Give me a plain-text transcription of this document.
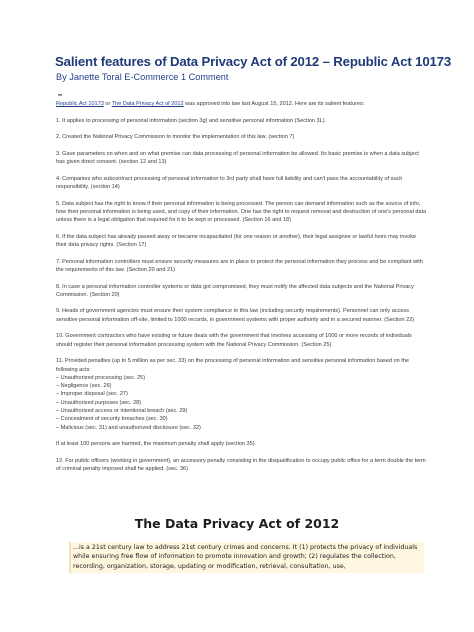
Salient features of Data Privacy Act of 2012 – Republic Act 10173
By Janette Toral E-Commerce 1 Comment
■■

Republic Act 10173 or The Data Privacy Act of 2012 was approved into law last August 15, 2012. Here are its salient features:

1. It applies to processing of personal information (section 3g) and sensitive personal information (Section 3L).

2. Created the National Privacy Commission to monitor the implementation of this law. (section 7)

3. Gave parameters on when and on what premise can data processing of personal information be allowed. Its basic premise is when a data subject has given direct consent. (section 12 and 13)

4. Companies who subcontract processing of personal information to 3rd party shall have full liability and can't pass the accountability of such responsibility. (section 14)

5. Data subject has the right to know if their personal information is being processed. The person can demand information such as the source of info, how their personal information is being used, and copy of their information. One has the right to request removal and destruction of one's personal data unless there is a legal obligation that required for it to be kept or processed. (Section 16 and 18)

6. If the data subject has already passed away or became incapacitated (for one reason or another), their legal assignee or lawful heirs may invoke their data privacy rights. (Section 17)

7. Personal information controllers must ensure security measures are in place to protect the personal information they process and be compliant with the requirements of this law. (Section 20 and 21)

8. In case a personal information controller systems or data got compromised, they must notify the affected data subjects and the National Privacy Commission. (Section 20)

9. Heads of government agencies must ensure their system compliance to this law (including security requirements). Personnel can only access sensitive personal information off-site, limited to 1000 records, in government systems with proper authority and in a secured manner. (Section 22)

10. Government contractors who have existing or future deals with the government that involves accessing of 1000 or more records of individuals should register their personal information processing system with the National Privacy Commission. (Section 25)

11. Provided penalties (up to 5 million as per sec. 33) on the processing of personal information and sensitive personal information based on the following acts:
– Unauthorized processing (sec. 25)
– Negligence (sec. 26)
– Improper disposal (sec. 27)
– Unauthorized purposes (sec. 28)
– Unauthorized access or intentional breach (sec. 29)
– Concealment of security breaches (sec. 30)
– Malicious (sec. 31) and unauthorized disclosure (sec. 32)

If at least 100 persons are harmed, the maximum penalty shall apply (section 35).

12. For public officers (working in government), an accessory penalty consisting in the disqualification to occupy public office for a term double the term of criminal penalty imposed shall he applied. (sec. 36)

The Data Privacy Act of 2012

...is a 21st century law to address 21st century crimes and concerns. It (1) protects the privacy of individuals while ensuring free flow of information to promote innovation and growth; (2) regulates the collection, recording, organization, storage, updating or modification, retrieval, consultation, use,
